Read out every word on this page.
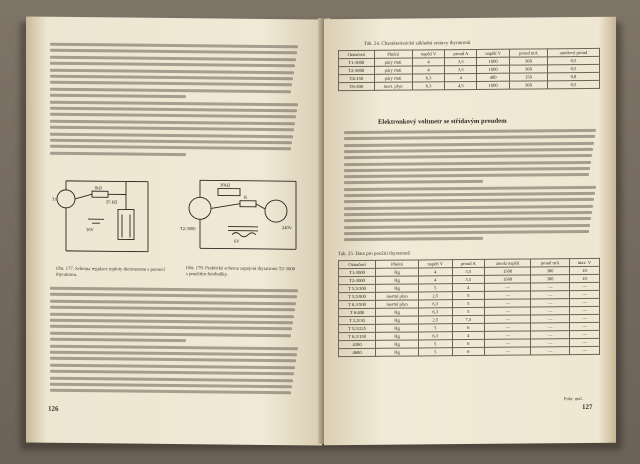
1kΩ
25 kΩ
30V
T1
30kΩ
R
T2-3000
6V
240V
Obr. 177. Schema regulace teploty thermostatu s pomocí thyratronu.
Obr. 178. Praktické schema zapojení thyratronu T2-3000 s použitím fotobuňky.
126
Tab. 24. Charakteristické základní sestavy thyratronů
Označení	Plnění	napětí V	proud A	napětí V	proud mA	anodový proud
T1-3000	páry rtuti	4	3,5	1000	300	0,5
T2-3000	páry rtuti	4	3,5	1000	300	0,5
T4-150	páry rtuti	6,3	4	480	150	0,8
T6-300	inert. plyn	6,3	4,5	1000	300	0,5
Elektronkový voltmetr se střídavým proudem
Tab. 25. Data pro použití thyratronů
Označení	Plnění	napětí V	proud A	anoda napětí	proud mA	max. V
T1-3000	Hg	4	3,5	1500	300	10
T2-3000	Hg	4	3,5	1500	300	10
T 5,5/300	Hg	5	4	—	—	—
T 5,5/900	inertní plyn	2,5	5	—	—	—
T 6,3/500	inertní plyn	6,3	5	—	—	—
T 6/400	Hg	6,3	5	—	—	—
T 2,5/30	Hg	2,5	7,5	—	—	—
T 5,5/225	Hg	5	6	—	—	—
T 6,3/150	Hg	6,3	4	—	—	—
4300	Hg	5	6	—	—	—
4600	Hg	5	6	—	—	—
Pokr. mal.
127
